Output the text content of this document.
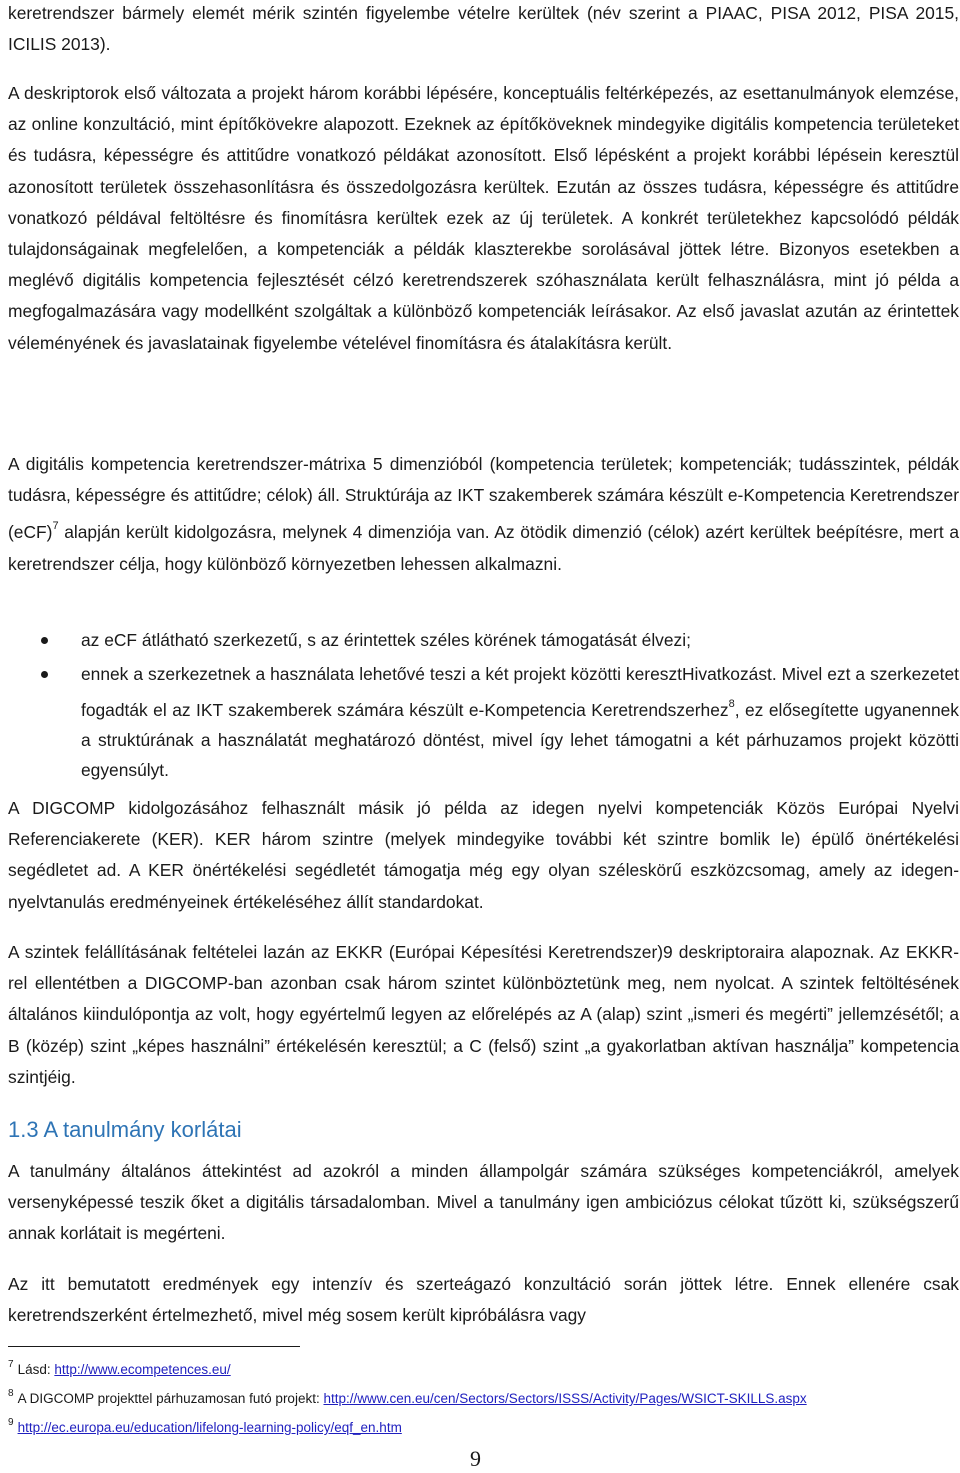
keretrendszer bármely elemét mérik szintén figyelembe vételre kerültek (név szerint a PIAAC, PISA 2012, PISA 2015, ICILIS 2013).

A deskriptorok első változata a projekt három korábbi lépésére, konceptuális feltérképezés, az esettanulmányok elemzése, az online konzultáció, mint építőkövekre alapozott. Ezeknek az építőköveknek mindegyike digitális kompetencia területeket és tudásra, képességre és attitűdre vonatkozó példákat azonosított. Első lépésként a projekt korábbi lépésein keresztül azonosított területek összehasonlításra és összedolgozásra kerültek. Ezután az összes tudásra, képességre és attitűdre vonatkozó példával feltöltésre és finomításra kerültek ezek az új területek. A konkrét területekhez kapcsolódó példák tulajdonságainak megfelelően, a kompetenciák a példák klaszterekbe sorolásával jöttek létre. Bizonyos esetekben a meglévő digitális kompetencia fejlesztését célzó keretrendszerek szóhasználata került felhasználásra, mint jó példa a megfogalmazására vagy modellként szolgáltak a különböző kompetenciák leírásakor. Az első javaslat azután az érintettek véleményének és javaslatainak figyelembe vételével finomításra és átalakításra került.

A digitális kompetencia keretrendszer-mátrixa 5 dimenzióból (kompetencia területek; kompetenciák; tudásszintek, példák tudásra, képességre és attitűdre; célok) áll. Struktúrája az IKT szakemberek számára készült e-Kompetencia Keretrendszer (eCF)$^7$ alapján került kidolgozásra, melynek 4 dimenziója van. Az ötödik dimenzió (célok) azért kerültek beépítésre, mert a keretrendszer célja, hogy különböző környezetben lehessen alkalmazni.

az eCF átlátható szerkezetű, s az érintettek széles körének támogatását élvezi;
ennek a szerkezetnek a használata lehetővé teszi a két projekt közötti keresztHivatkozást. Mivel ezt a szerkezetet fogadták el az IKT szakemberek számára készült e-Kompetencia Keretrendszerhez$^8$, ez elősegítette ugyanennek a struktúrának a használatát meghatározó döntést, mivel így lehet támogatni a két párhuzamos projekt közötti egyensúlyt.

A DIGCOMP kidolgozásához felhasznált másik jó példa az idegen nyelvi kompetenciák Közös Európai Nyelvi Referenciakerete (KER). KER három szintre (melyek mindegyike további két szintre bomlik le) épülő önértékelési segédletet ad. A KER önértékelési segédletét támogatja még egy olyan széleskörű eszközcsomag, amely az idegen-nyelvtanulás eredményeinek értékeléséhez állít standardokat.

A szintek felállításának feltételei lazán az EKKR (Európai Képesítési Keretrendszer)9 deskriptoraira alapoznak. Az EKKR-rel ellentétben a DIGCOMP-ban azonban csak három szintet különböztetünk meg, nem nyolcat. A szintek feltöltésének általános kiindulópontja az volt, hogy egyértelmű legyen az előrelépés az A (alap) szint „ismeri és megérti” jellemzésétől; a B (közép) szint „képes használni” értékelésén keresztül; a C (felső) szint „a gyakorlatban aktívan használja” kompetencia szintjéig.

1.3 A tanulmány korlátai

A tanulmány általános áttekintést ad azokról a minden állampolgár számára szükséges kompetenciákról, amelyek versenyképessé teszik őket a digitális társadalomban. Mivel a tanulmány igen ambiciózus célokat tűzött ki, szükségszerű annak korlátait is megérteni.

Az itt bemutatott eredmények egy intenzív és szerteágazó konzultáció során jöttek létre. Ennek ellenére csak keretrendszerként értelmezhető, mivel még sosem került kipróbálásra vagy

$^7$ Lásd: http://www.ecompetences.eu/

$^8$ A DIGCOMP projekttel párhuzamosan futó projekt: http://www.cen.eu/cen/Sectors/Sectors/ISSS/Activity/Pages/WSICT-SKILLS.aspx

$^9$ http://ec.europa.eu/education/lifelong-learning-policy/eqf_en.htm

9
